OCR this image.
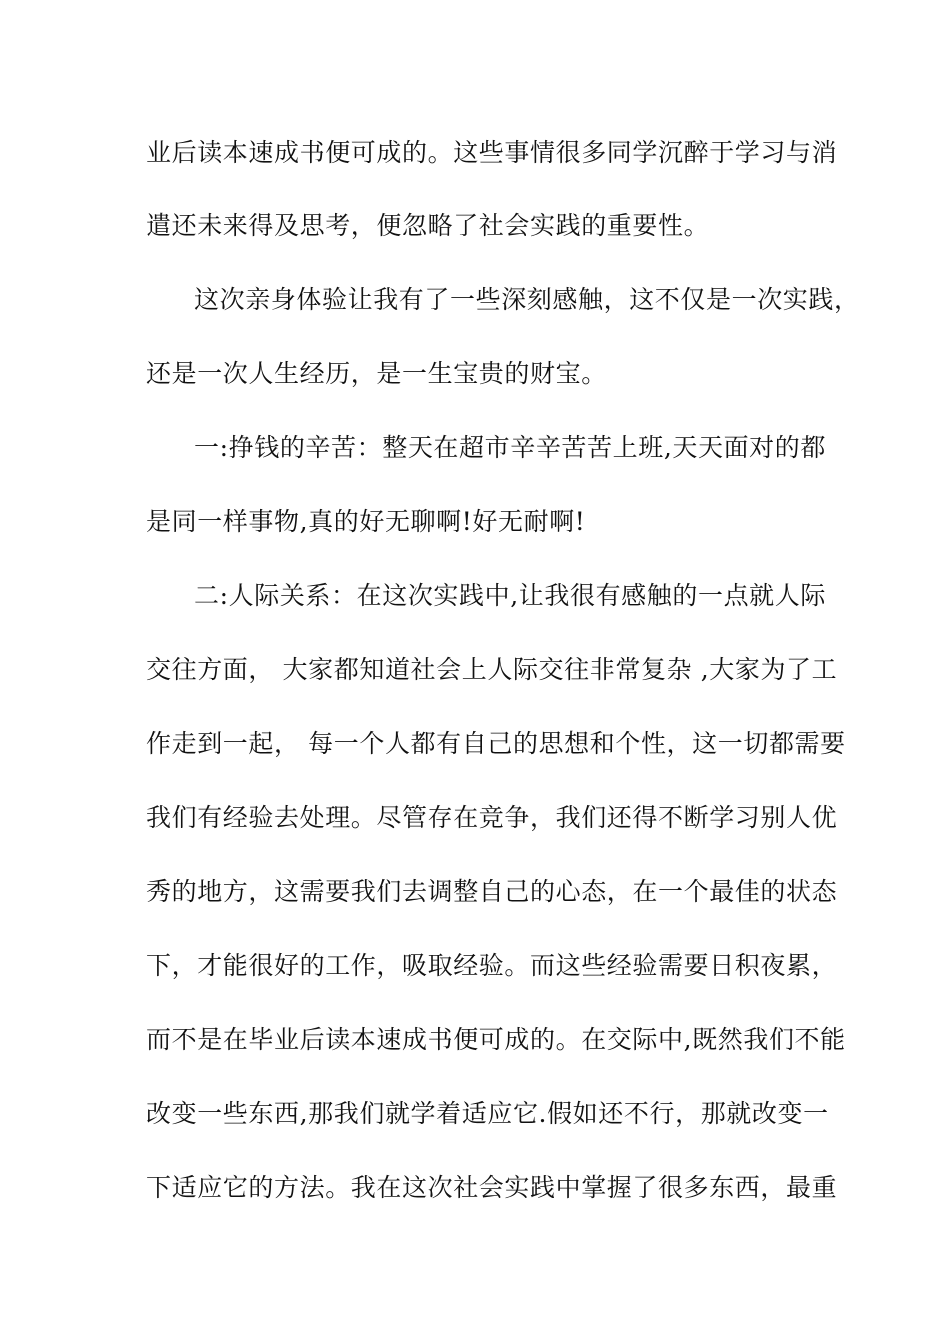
业后读本速成书便可成的。这些事情很多同学沉醉于学习与消
遣还未来得及思考，便忽略了社会实践的重要性。
这次亲身体验让我有了一些深刻感触，这不仅是一次实践，
还是一次人生经历，是一生宝贵的财宝。
一:挣钱的辛苦：整天在超市辛辛苦苦上班,天天面对的都
是同一样事物,真的好无聊啊!好无耐啊!
二:人际关系：在这次实践中,让我很有感触的一点就人际
交往方面， 大家都知道社会上人际交往非常复杂 ,大家为了工
作走到一起， 每一个人都有自己的思想和个性，这一切都需要
我们有经验去处理。尽管存在竞争，我们还得不断学习别人优
秀的地方，这需要我们去调整自己的心态，在一个最佳的状态
下，才能很好的工作，吸取经验。而这些经验需要日积夜累，
而不是在毕业后读本速成书便可成的。在交际中,既然我们不能
改变一些东西,那我们就学着适应它.假如还不行，那就改变一
下适应它的方法。我在这次社会实践中掌握了很多东西，最重
